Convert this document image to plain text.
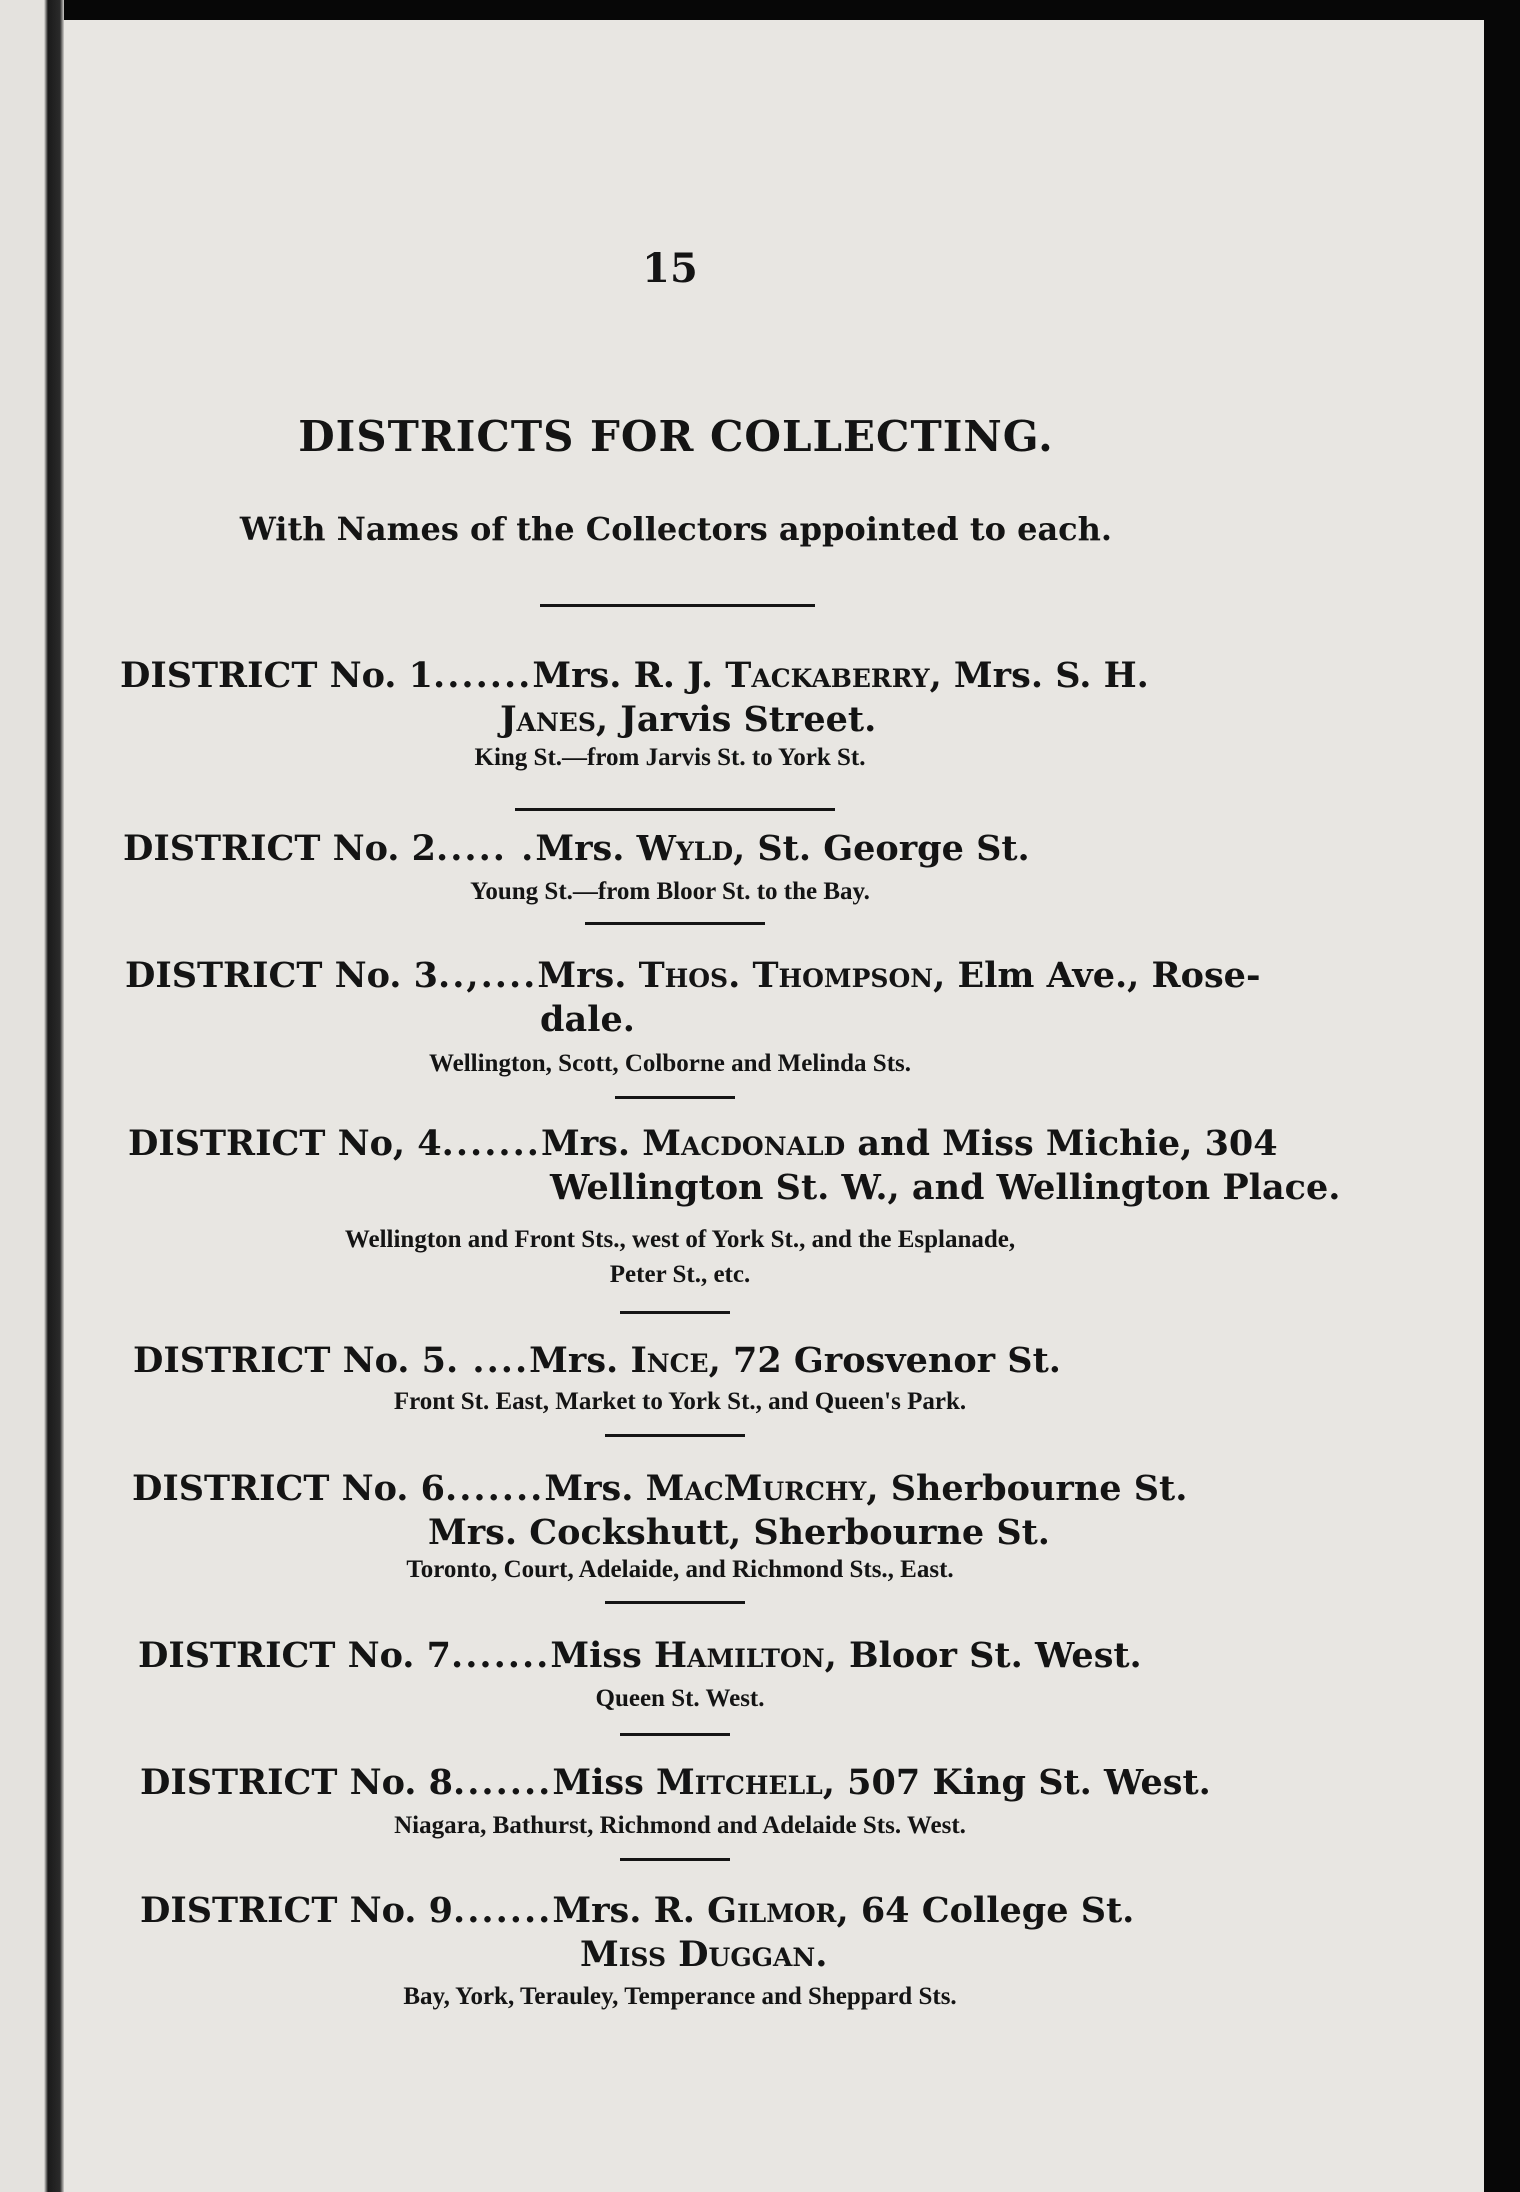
15
DISTRICTS FOR COLLECTING.
With Names of the Collectors appointed to each.
DISTRICT No. 1.......Mrs. R. J. Tackaberry, Mrs. S. H.
Janes, Jarvis Street.
King St.—from Jarvis St. to York St.
DISTRICT No. 2..... .Mrs. Wyld, St. George St.
Young St.—from Bloor St. to the Bay.
DISTRICT No. 3..,....Mrs. Thos. Thompson, Elm Ave., Rose-
dale.
Wellington, Scott, Colborne and Melinda Sts.
DISTRICT No, 4.......Mrs. Macdonald and Miss Michie, 304
Wellington St. W., and Wellington Place.
Wellington and Front Sts., west of York St., and the Esplanade,
Peter St., etc.
DISTRICT No. 5. ....Mrs. Ince, 72 Grosvenor St.
Front St. East, Market to York St., and Queen's Park.
DISTRICT No. 6.......Mrs. MacMurchy, Sherbourne St.
Mrs. Cockshutt, Sherbourne St.
Toronto, Court, Adelaide, and Richmond Sts., East.
DISTRICT No. 7.......Miss Hamilton, Bloor St. West.
Queen St. West.
DISTRICT No. 8.......Miss Mitchell, 507 King St. West.
Niagara, Bathurst, Richmond and Adelaide Sts. West.
DISTRICT No. 9.......Mrs. R. Gilmor, 64 College St.
Miss Duggan.
Bay, York, Terauley, Temperance and Sheppard Sts.
